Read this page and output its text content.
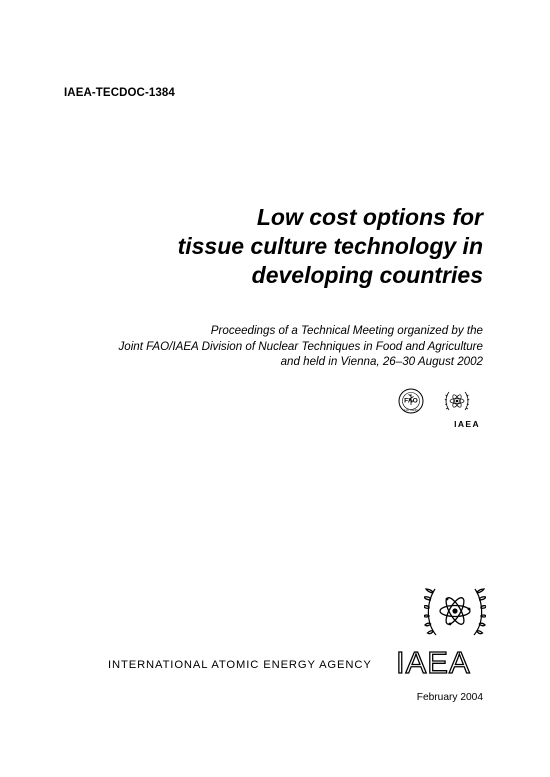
IAEA-TECDOC-1384
Low cost options for
tissue culture technology in
developing countries
Proceedings of a Technical Meeting organized by the
Joint FAO/IAEA Division of Nuclear Techniques in Food and Agriculture
and held in Vienna, 26–30 August 2002
FAO
FIAT PANIS
IAEA
INTERNATIONAL ATOMIC ENERGY AGENCY IAEA
February 2004
